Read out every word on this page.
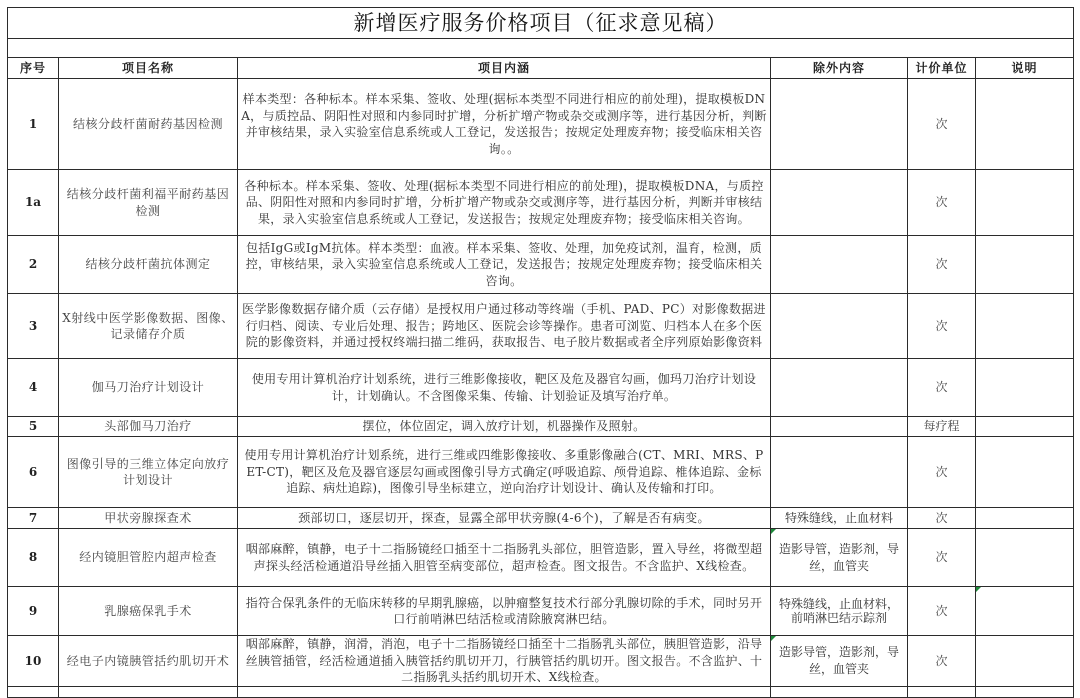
新增医疗服务价格项目（征求意见稿）					

序号	项目名称	项目内涵	除外内容	计价单位	说明
1	结核分歧杆菌耐药基因检测	样本类型：各种标本。样本采集、签收、处理(据标本类型不同进行相应的前处理)，提取模板DNA，与质控品、阴阳性对照和内参同时扩增，分析扩增产物或杂交或测序等，进行基因分析，判断并审核结果，录入实验室信息系统或人工登记，发送报告；按规定处理废弃物；接受临床相关咨询。。		次	
1a	结核分歧杆菌利福平耐药基因检测	各种标本。样本采集、签收、处理(据标本类型不同进行相应的前处理)，提取模板DNA，与质控品、阴阳性对照和内参同时扩增，分析扩增产物或杂交或测序等，进行基因分析，判断并审核结果，录入实验室信息系统或人工登记，发送报告；按规定处理废弃物；接受临床相关咨询。		次	
2	结核分歧杆菌抗体测定	包括IgG或IgM抗体。样本类型：血液。样本采集、签收、处理，加免疫试剂，温育，检测，质控，审核结果，录入实验室信息系统或人工登记，发送报告；按规定处理废弃物；接受临床相关咨询。		次	
3	X射线中医学影像数据、图像、记录储存介质	医学影像数据存储介质（云存储）是授权用户通过移动等终端（手机、PAD、PC）对影像数据进行归档、阅读、专业后处理、报告；跨地区、医院会诊等操作。患者可浏览、归档本人在多个医院的影像资料，并通过授权终端扫描二维码，获取报告、电子胶片数据或者全序列原始影像资料		次	
4	伽马刀治疗计划设计	使用专用计算机治疗计划系统，进行三维影像接收，靶区及危及器官勾画，伽玛刀治疗计划设计，计划确认。不含图像采集、传输、计划验证及填写治疗单。		次	
5	头部伽马刀治疗	摆位，体位固定，调入放疗计划，机器操作及照射。		每疗程	
6	图像引导的三维立体定向放疗计划设计	使用专用计算机治疗计划系统，进行三维或四维影像接收、多重影像融合(CT、MRI、MRS、PET-CT)，靶区及危及器官逐层勾画或图像引导方式确定(呼吸追踪、颅骨追踪、椎体追踪、金标追踪、病灶追踪)，图像引导坐标建立，逆向治疗计划设计、确认及传输和打印。		次	
7	甲状旁腺探查术	颈部切口，逐层切开，探查，显露全部甲状旁腺(4-6个)，了解是否有病变。	特殊缝线，止血材料	次	
8	经内镜胆管腔内超声检查	咽部麻醉，镇静，电子十二指肠镜经口插至十二指肠乳头部位，胆管造影，置入导丝，将微型超声探头经活检通道沿导丝插入胆管至病变部位，超声检查。图文报告。不含监护、X线检查。	造影导管，造影剂，导丝，血管夹	次	
9	乳腺癌保乳手术	指符合保乳条件的无临床转移的早期乳腺癌，以肿瘤整复技术行部分乳腺切除的手术，同时另开口行前哨淋巴结活检或清除腋窝淋巴结。	特殊缝线，止血材料，前哨淋巴结示踪剂	次	

10	经电子内镜胰管括约肌切开术	咽部麻醉，镇静，润滑，消泡，电子十二指肠镜经口插至十二指肠乳头部位，胰胆管造影，沿导丝胰管插管，经活检通道插入胰管括约肌切开刀，行胰管括约肌切开。图文报告。不含监护、十二指肠乳头括约肌切开术、X线检查。	造影导管，造影剂，导丝，血管夹	次	
